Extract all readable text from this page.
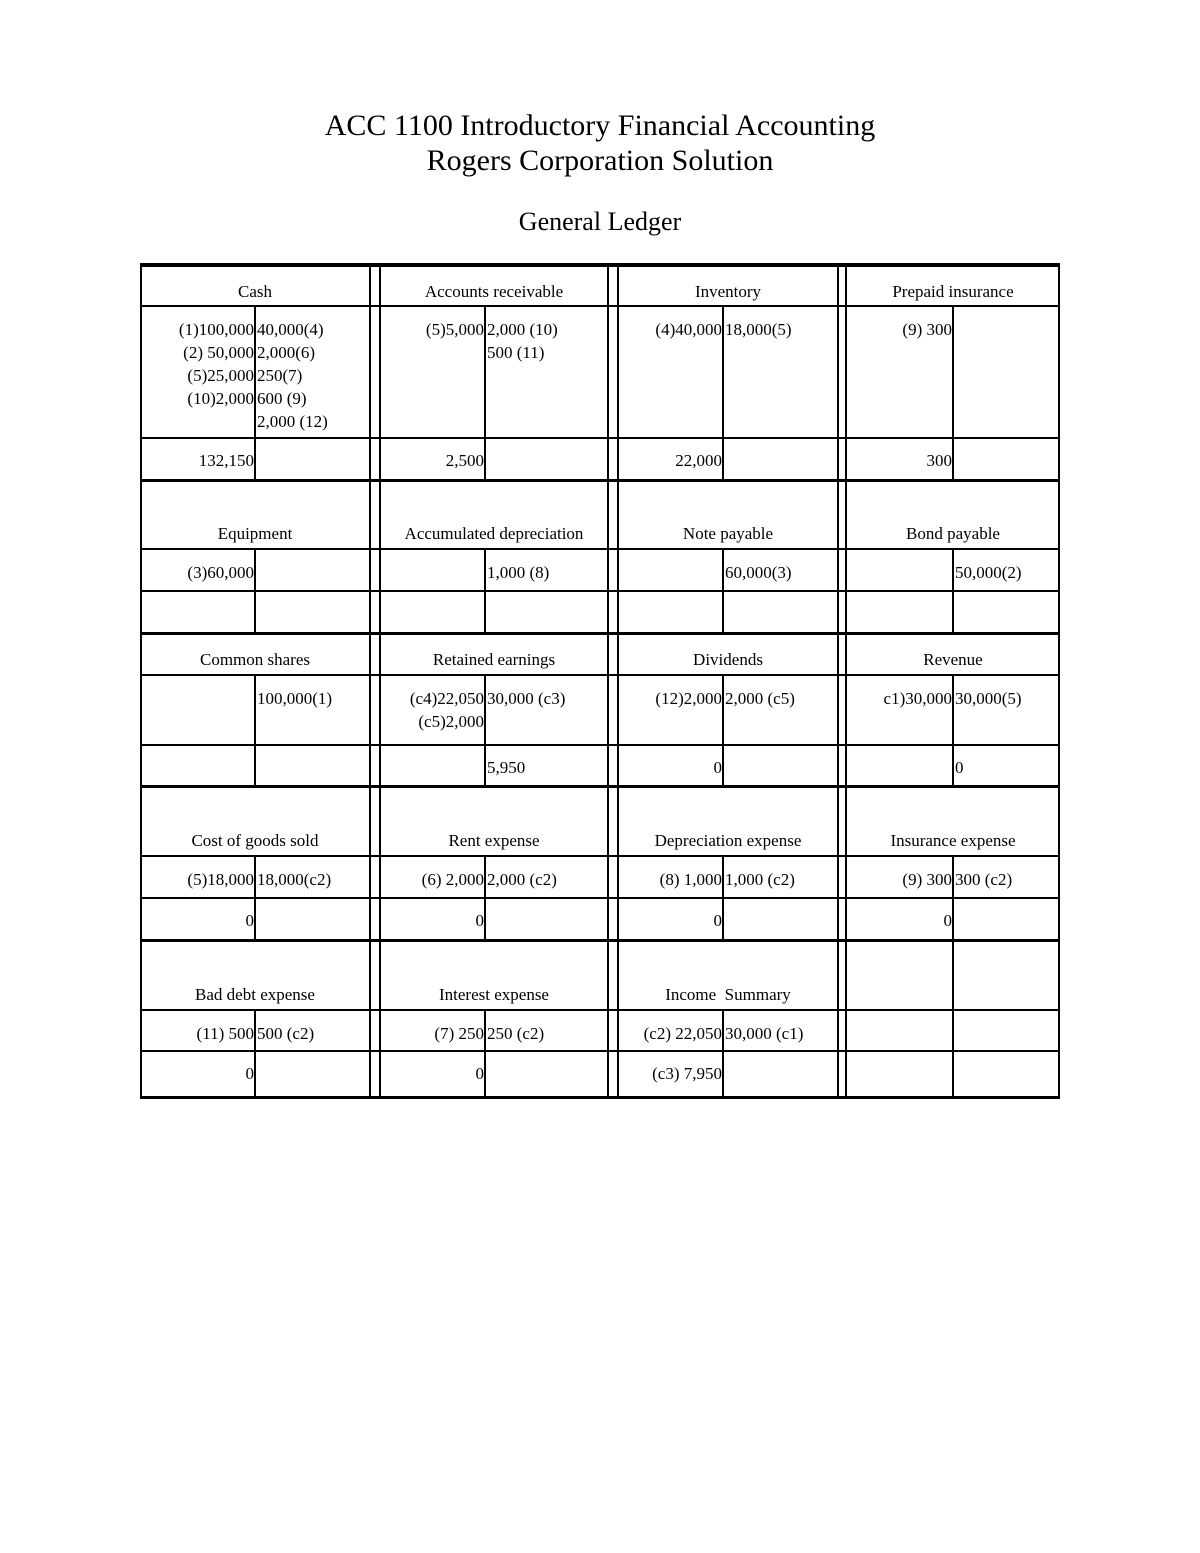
ACC 1100 Introductory Financial Accounting
Rogers Corporation Solution
General Ledger
Cash
(1)100,000
(2) 50,000
(5)25,000
(10)2,000
40,000(4)
2,000(6)
250(7)
600 (9)
2,000 (12)
132,150
Accounts receivable
(5)5,000 2,000 (10)
500 (11)
2,500
Inventory
(4)40,000 18,000(5)
22,000
Prepaid insurance
(9) 300
300
Equipment
(3)60,000
Accumulated depreciation
1,000 (8)
Note payable
60,000(3)
Bond payable
50,000(2)
Common shares
100,000(1)
Retained earnings
(c4)22,050
(c5)2,000
30,000 (c3)
5,950
Dividends
(12)2,000 2,000 (c5)
0
Revenue
c1)30,000 30,000(5)
0
Cost of goods sold
(5)18,000 18,000(c2)
0
Rent expense
(6) 2,000 2,000 (c2)
0
Depreciation expense
(8) 1,000 1,000 (c2)
0
Insurance expense
(9) 300 300 (c2)
0
Bad debt expense
(11) 500 500 (c2)
0
Interest expense
(7) 250 250 (c2)
0
Income  Summary
(c2) 22,050 30,000 (c1)
(c3) 7,950
